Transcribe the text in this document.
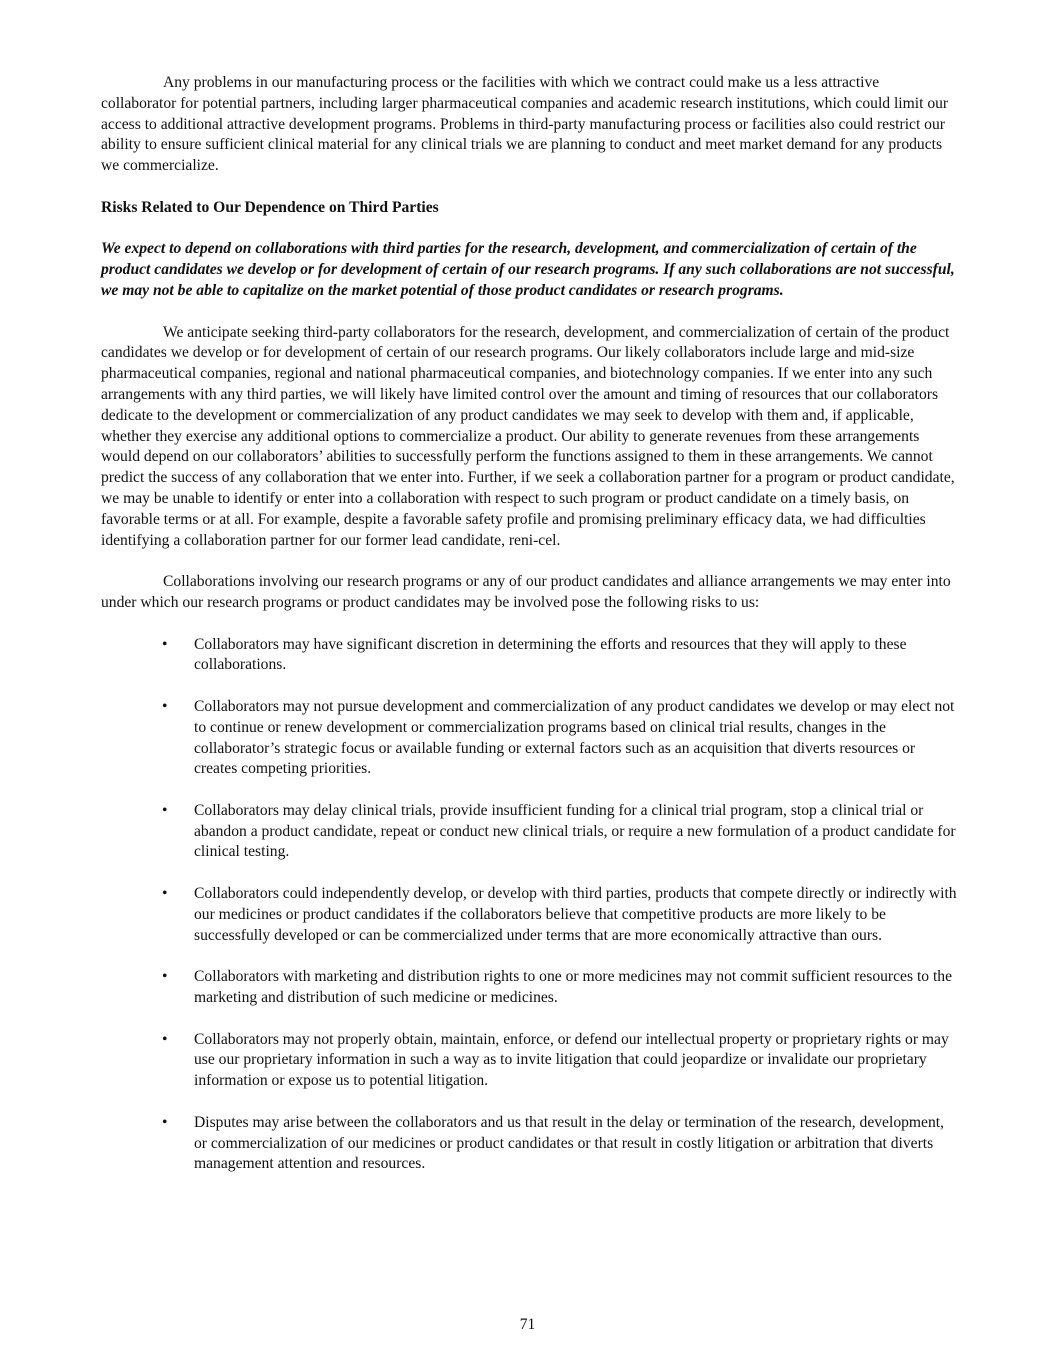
Any problems in our manufacturing process or the facilities with which we contract could make us a less attractive collaborator for potential partners, including larger pharmaceutical companies and academic research institutions, which could limit our access to additional attractive development programs. Problems in third-party manufacturing process or facilities also could restrict our ability to ensure sufficient clinical material for any clinical trials we are planning to conduct and meet market demand for any products we commercialize.

Risks Related to Our Dependence on Third Parties

We expect to depend on collaborations with third parties for the research, development, and commercialization of certain of the product candidates we develop or for development of certain of our research programs. If any such collaborations are not successful, we may not be able to capitalize on the market potential of those product candidates or research programs.

We anticipate seeking third-party collaborators for the research, development, and commercialization of certain of the product candidates we develop or for development of certain of our research programs. Our likely collaborators include large and mid-size pharmaceutical companies, regional and national pharmaceutical companies, and biotechnology companies. If we enter into any such arrangements with any third parties, we will likely have limited control over the amount and timing of resources that our collaborators dedicate to the development or commercialization of any product candidates we may seek to develop with them and, if applicable, whether they exercise any additional options to commercialize a product. Our ability to generate revenues from these arrangements would depend on our collaborators’ abilities to successfully perform the functions assigned to them in these arrangements. We cannot predict the success of any collaboration that we enter into. Further, if we seek a collaboration partner for a program or product candidate, we may be unable to identify or enter into a collaboration with respect to such program or product candidate on a timely basis, on favorable terms or at all. For example, despite a favorable safety profile and promising preliminary efficacy data, we had difficulties identifying a collaboration partner for our former lead candidate, reni-cel.

Collaborations involving our research programs or any of our product candidates and alliance arrangements we may enter into under which our research programs or product candidates may be involved pose the following risks to us:

• Collaborators may have significant discretion in determining the efforts and resources that they will apply to these collaborations.
• Collaborators may not pursue development and commercialization of any product candidates we develop or may elect not to continue or renew development or commercialization programs based on clinical trial results, changes in the collaborator’s strategic focus or available funding or external factors such as an acquisition that diverts resources or creates competing priorities.
• Collaborators may delay clinical trials, provide insufficient funding for a clinical trial program, stop a clinical trial or abandon a product candidate, repeat or conduct new clinical trials, or require a new formulation of a product candidate for clinical testing.
• Collaborators could independently develop, or develop with third parties, products that compete directly or indirectly with our medicines or product candidates if the collaborators believe that competitive products are more likely to be successfully developed or can be commercialized under terms that are more economically attractive than ours.
• Collaborators with marketing and distribution rights to one or more medicines may not commit sufficient resources to the marketing and distribution of such medicine or medicines.
• Collaborators may not properly obtain, maintain, enforce, or defend our intellectual property or proprietary rights or may use our proprietary information in such a way as to invite litigation that could jeopardize or invalidate our proprietary information or expose us to potential litigation.
• Disputes may arise between the collaborators and us that result in the delay or termination of the research, development, or commercialization of our medicines or product candidates or that result in costly litigation or arbitration that diverts management attention and resources.
71
